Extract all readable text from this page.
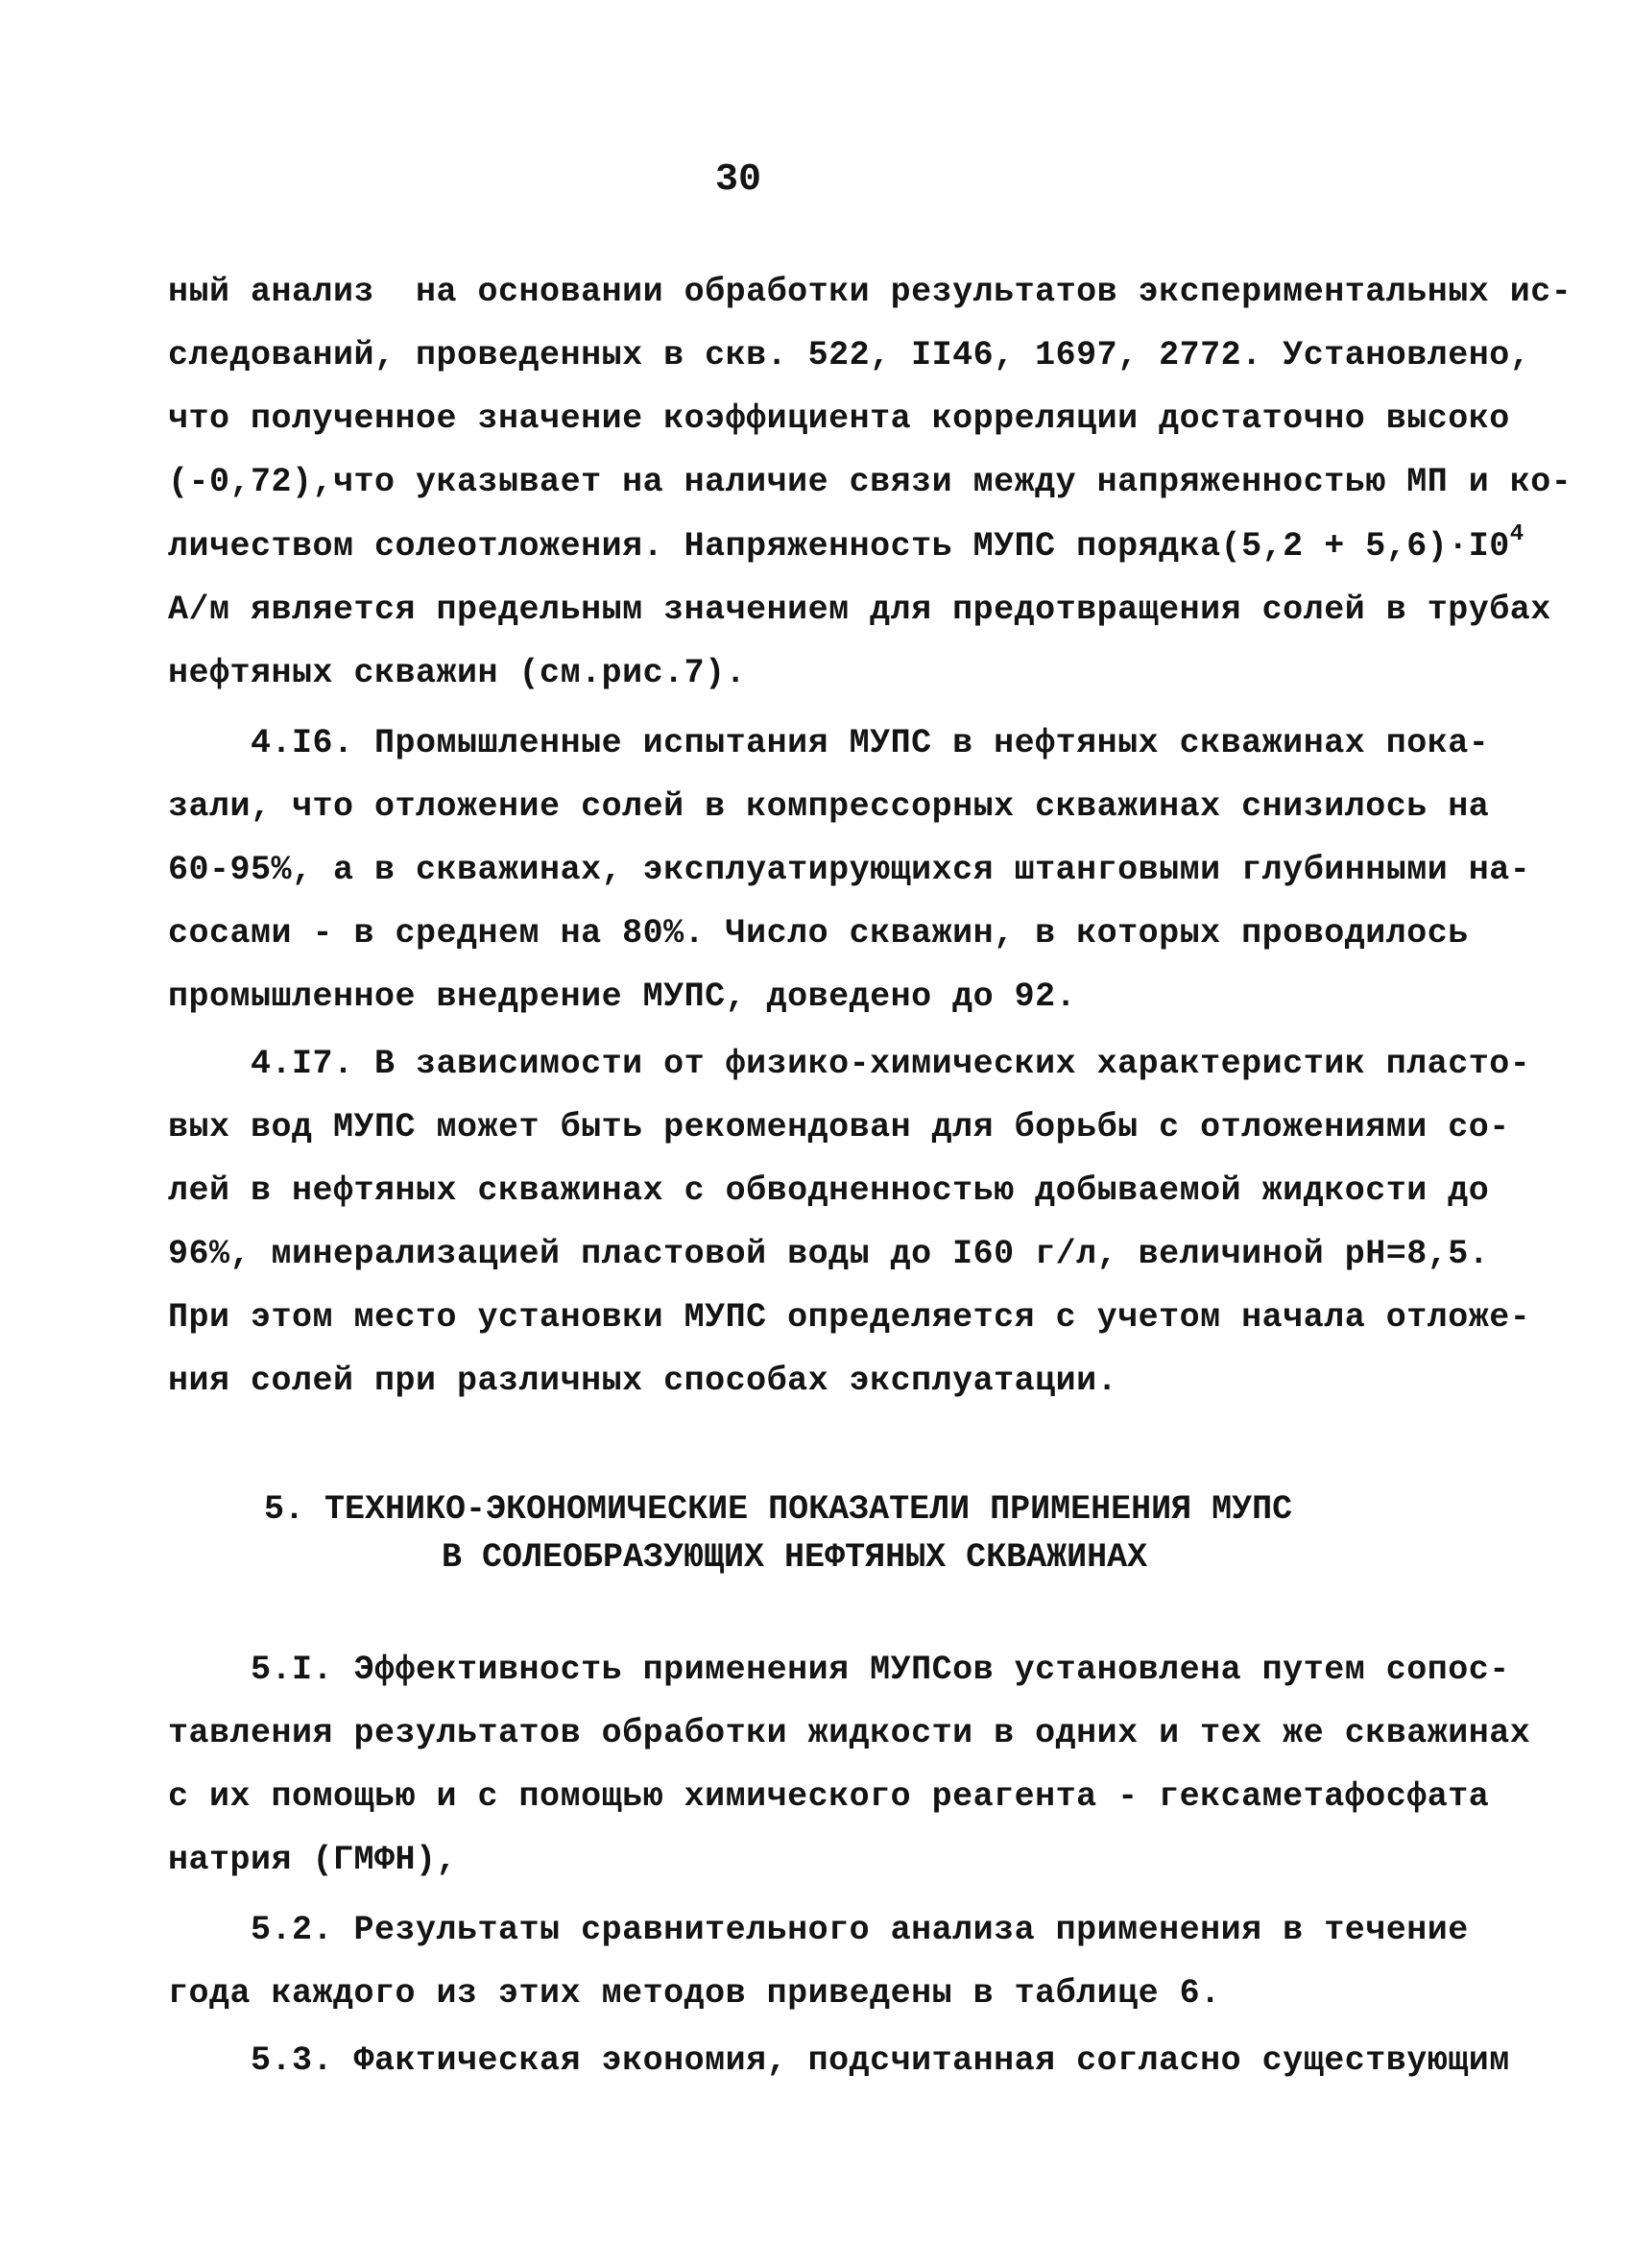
30
ный анализ  на основании обработки результатов экспериментальных ис-
следований, проведенных в скв. 522, II46, 1697, 2772. Установлено,
что полученное значение коэффициента корреляции достаточно высоко
(-0,72),что указывает на наличие связи между напряженностью МП и ко-
личеством солеотложения. Напряженность МУПС порядка(5,2 + $5,6)\cdot I0^4$
А/м является предельным значением для предотвращения солей в трубах
нефтяных скважин (см.рис.7).
4.I6. Промышленные испытания МУПС в нефтяных скважинах пока-
зали, что отложение солей в компрессорных скважинах снизилось на
60-95%, а в скважинах, эксплуатирующихся штанговыми глубинными на-
сосами - в среднем на 80%. Число скважин, в которых проводилось
промышленное внедрение МУПС, доведено до 92.
4.I7. В зависимости от физико-химических характеристик пласто-
вых вод МУПС может быть рекомендован для борьбы с отложениями со-
лей в нефтяных скважинах с обводненностью добываемой жидкости до
96%, минерализацией пластовой воды до I60 г/л, величиной pH=8,5.
При этом место установки МУПС определяется с учетом начала отложе-
ния солей при различных способах эксплуатации.
5. ТЕХНИКО-ЭКОНОМИЧЕСКИЕ ПОКАЗАТЕЛИ ПРИМЕНЕНИЯ МУПС
В СОЛЕОБРАЗУЮЩИХ НЕФТЯНЫХ СКВАЖИНАХ
5.I. Эффективность применения МУПСов установлена путем сопос-
тавления результатов обработки жидкости в одних и тех же скважинах
с их помощью и с помощью химического реагента - гексаметафосфата
натрия (ГМФН),
5.2. Результаты сравнительного анализа применения в течение
года каждого из этих методов приведены в таблице 6.
5.3. Фактическая экономия, подсчитанная согласно существующим
